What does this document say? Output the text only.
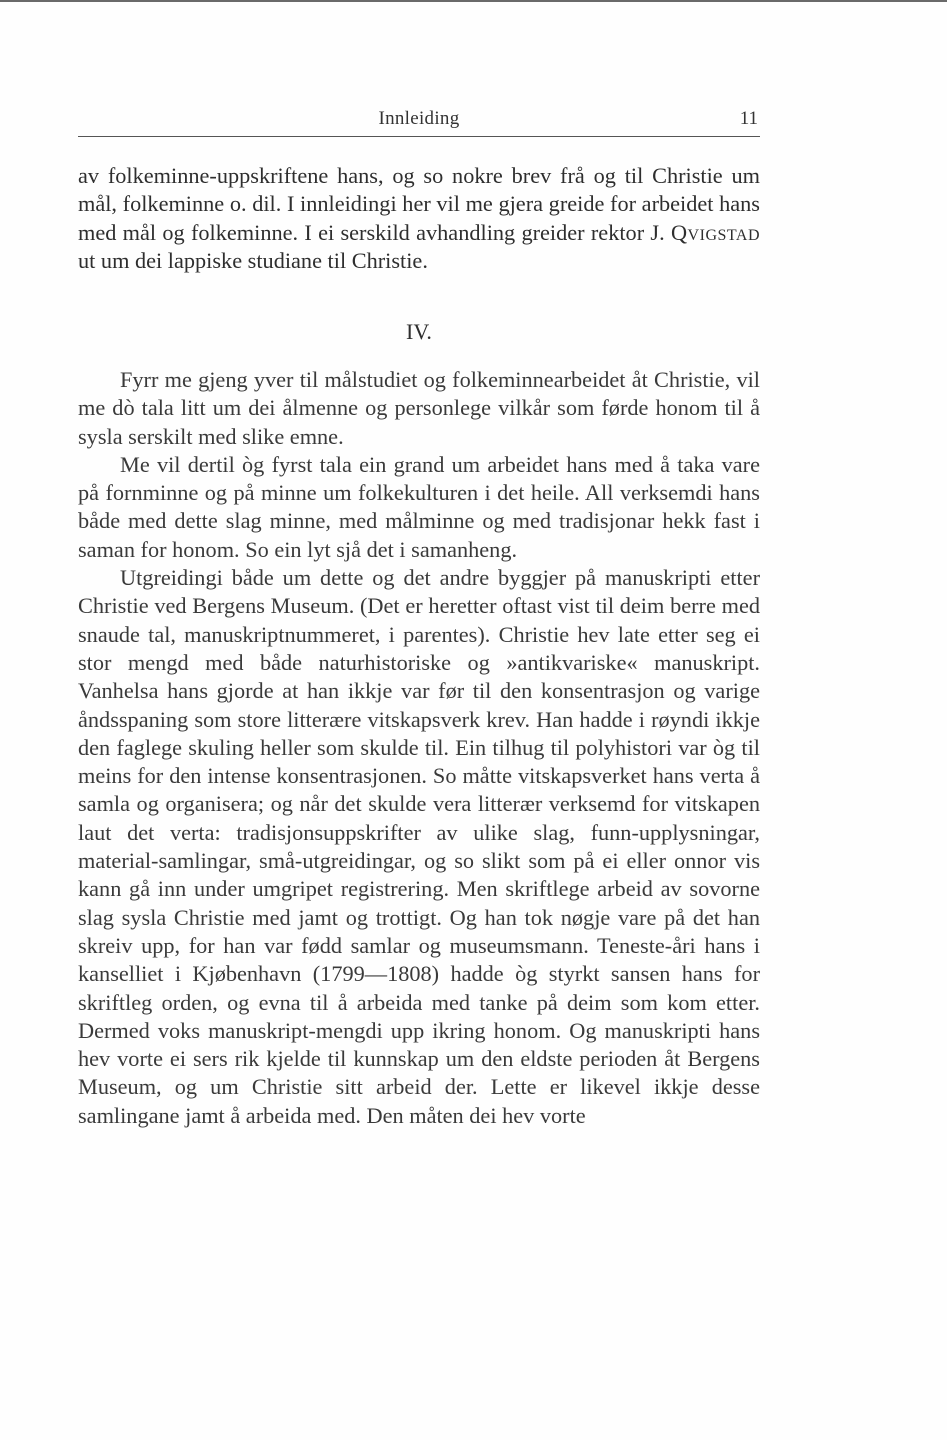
Innleiding	11

av folkeminne-uppskriftene hans, og so nokre brev frå og til Christie um mål, folkeminne o. dil. I innleidingi her vil me gjera greide for arbeidet hans med mål og folkeminne. I ei serskild avhandling greider rektor J. Qvigstad ut um dei lappiske studiane til Christie.

IV.

Fyrr me gjeng yver til målstudiet og folkeminnearbeidet åt Christie, vil me dò tala litt um dei ålmenne og personlege vilkår som førde honom til å sysla serskilt med slike emne.

Me vil dertil òg fyrst tala ein grand um arbeidet hans med å taka vare på fornminne og på minne um folkekulturen i det heile. All verksemdi hans både med dette slag minne, med målminne og med tradisjonar hekk fast i saman for honom. So ein lyt sjå det i samanheng.

Utgreidingi både um dette og det andre byggjer på manuskripti etter Christie ved Bergens Museum. (Det er heretter oftast vist til deim berre med snaude tal, manuskriptnummeret, i parentes). Christie hev late etter seg ei stor mengd med både naturhistoriske og »antikvariske« manuskript. Vanhelsa hans gjorde at han ikkje var før til den konsentrasjon og varige åndsspaning som store litterære vitskapsverk krev. Han hadde i røyndi ikkje den faglege skuling heller som skulde til. Ein tilhug til polyhistori var òg til meins for den intense konsentrasjonen. So måtte vitskapsverket hans verta å samla og organisera; og når det skulde vera litterær verksemd for vitskapen laut det verta: tradisjonsuppskrifter av ulike slag, funn-upplysningar, material-samlingar, små-utgreidingar, og so slikt som på ei eller onnor vis kann gå inn under umgripet registrering. Men skriftlege arbeid av sovorne slag sysla Christie med jamt og trottigt. Og han tok nøgje vare på det han skreiv upp, for han var fødd samlar og museumsmann. Teneste-åri hans i kanselliet i Kjøbenhavn (1799—1808) hadde òg styrkt sansen hans for skriftleg orden, og evna til å arbeida med tanke på deim som kom etter. Dermed voks manuskript-mengdi upp ikring honom. Og manuskripti hans hev vorte ei sers rik kjelde til kunnskap um den eldste perioden åt Bergens Museum, og um Christie sitt arbeid der. Lette er likevel ikkje desse samlingane jamt å arbeida med. Den måten dei hev vorte
